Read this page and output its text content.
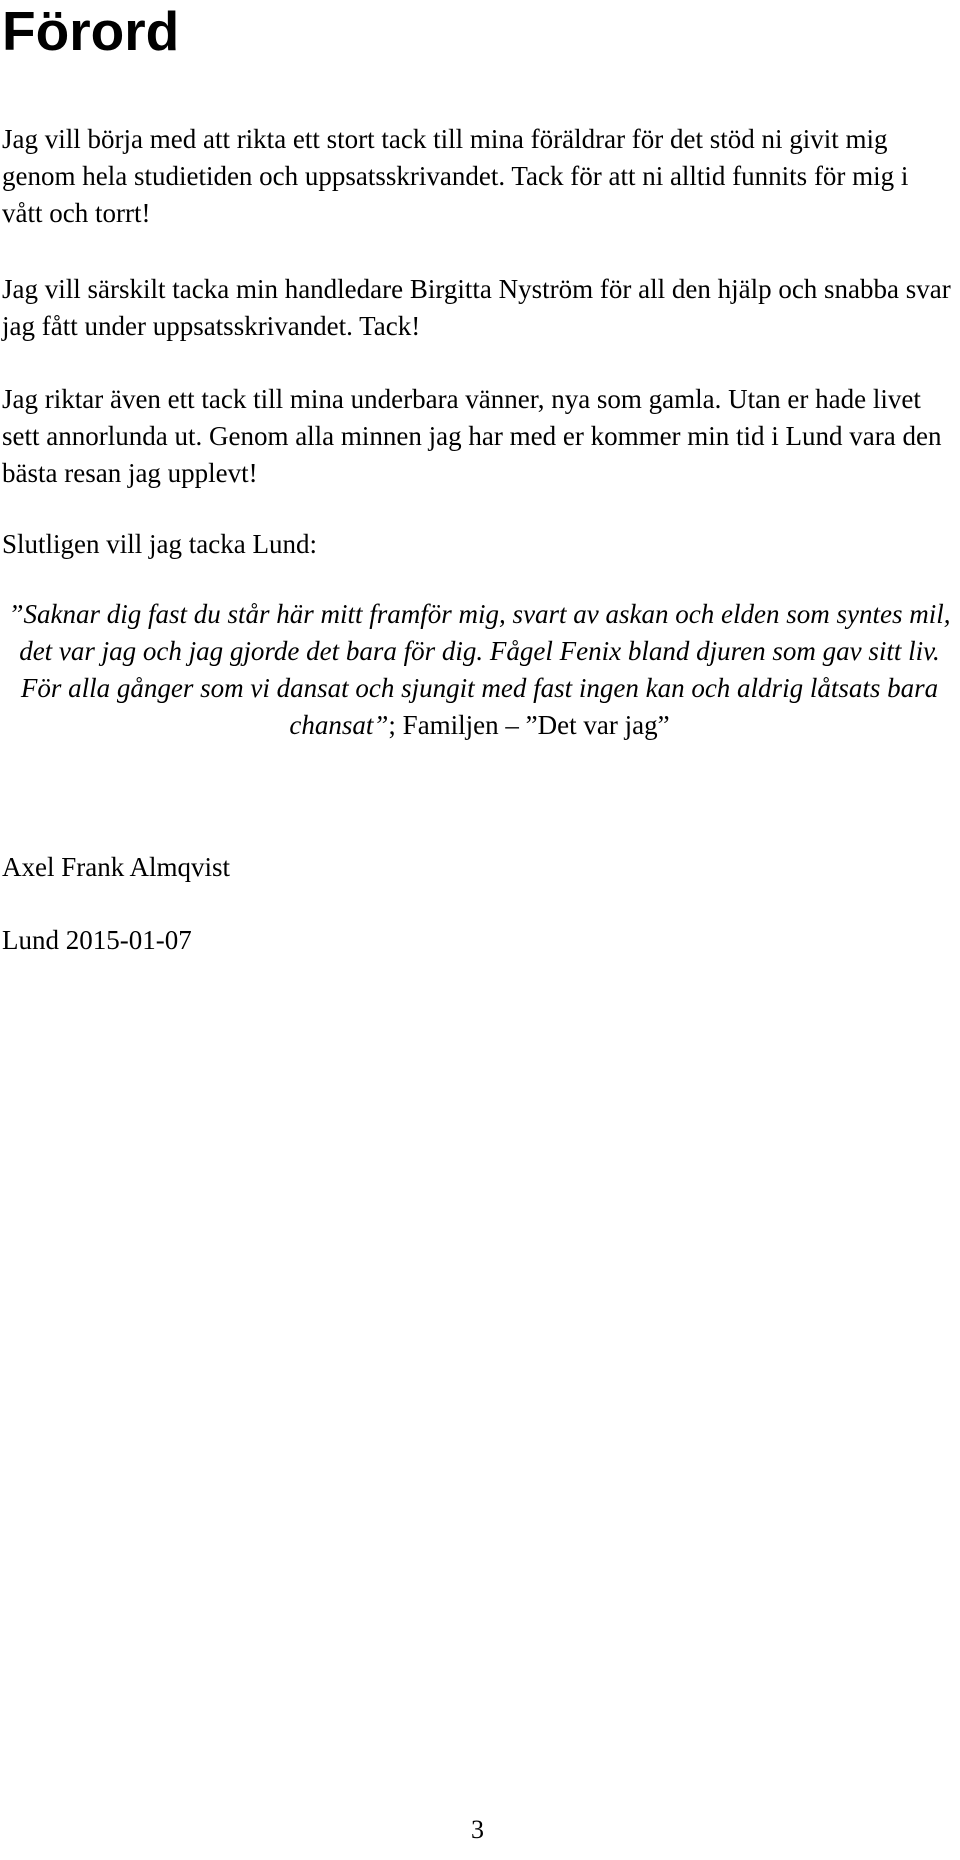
Förord

Jag vill börja med att rikta ett stort tack till mina föräldrar för det stöd ni givit mig genom hela studietiden och uppsatsskrivandet. Tack för att ni alltid funnits för mig i vått och torrt!

Jag vill särskilt tacka min handledare Birgitta Nyström för all den hjälp och snabba svar jag fått under uppsatsskrivandet. Tack!

Jag riktar även ett tack till mina underbara vänner, nya som gamla. Utan er hade livet sett annorlunda ut. Genom alla minnen jag har med er kommer min tid i Lund vara den bästa resan jag upplevt!

Slutligen vill jag tacka Lund:

”Saknar dig fast du står här mitt framför mig, svart av askan och elden som syntes mil, det var jag och jag gjorde det bara för dig. Fågel Fenix bland djuren som gav sitt liv. För alla gånger som vi dansat och sjungit med fast ingen kan och aldrig låtsats bara chansat”; Familjen – ”Det var jag”

Axel Frank Almqvist

Lund 2015-01-07

3
